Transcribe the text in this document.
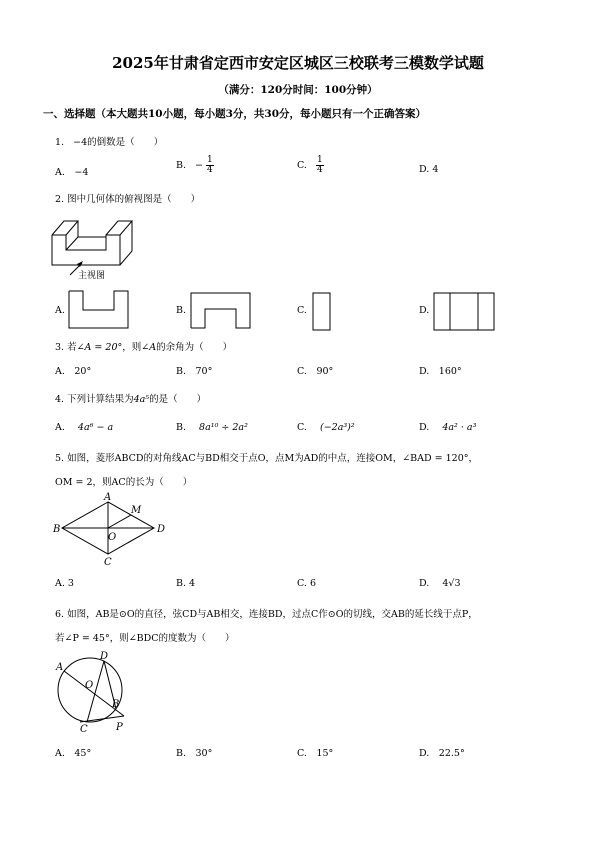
2025年甘肃省定西市安定区城区三校联考三模数学试题
（满分：120分时间：100分钟）
一、选择题（本大题共10小题，每小题3分，共30分，每小题只有一个正确答案）
1. −4的倒数是（　　）
A.　−4
B. − $\frac{1}{4}$	C. $\frac{1}{4}$	D. 4
2. 图中几何体的俯视图是（　　）
主视图
A.	B.	C.	D.
3. 若∠A = 20°，则∠A的余角为（　　）
A.　20°	B.　70°	C.　90°	D.　160°
4. 下列计算结果为4a⁵的是（　　）
A. 4a⁶ − a	B. 8a¹⁰ ÷ 2a²	C. (−2a³)²	D. 4a² · a³
5. 如图，菱形ABCD的对角线AC与BD相交于点O，点M为AD的中点，连接OM，∠BAD = 120°，
OM = 2，则AC的长为（　　）
A
B
C
D
M
O
A. 3	B. 4	C. 6	D. 4√3
6. 如图，AB是⊙O的直径，弦CD与AB相交，连接BD，过点C作⊙O的切线，交AB的延长线于点P，
若∠P = 45°，则∠BDC的度数为（　　）
A
D
O
B
C	P
A.　45°	B.　30°	C.　15°	D.　22.5°
